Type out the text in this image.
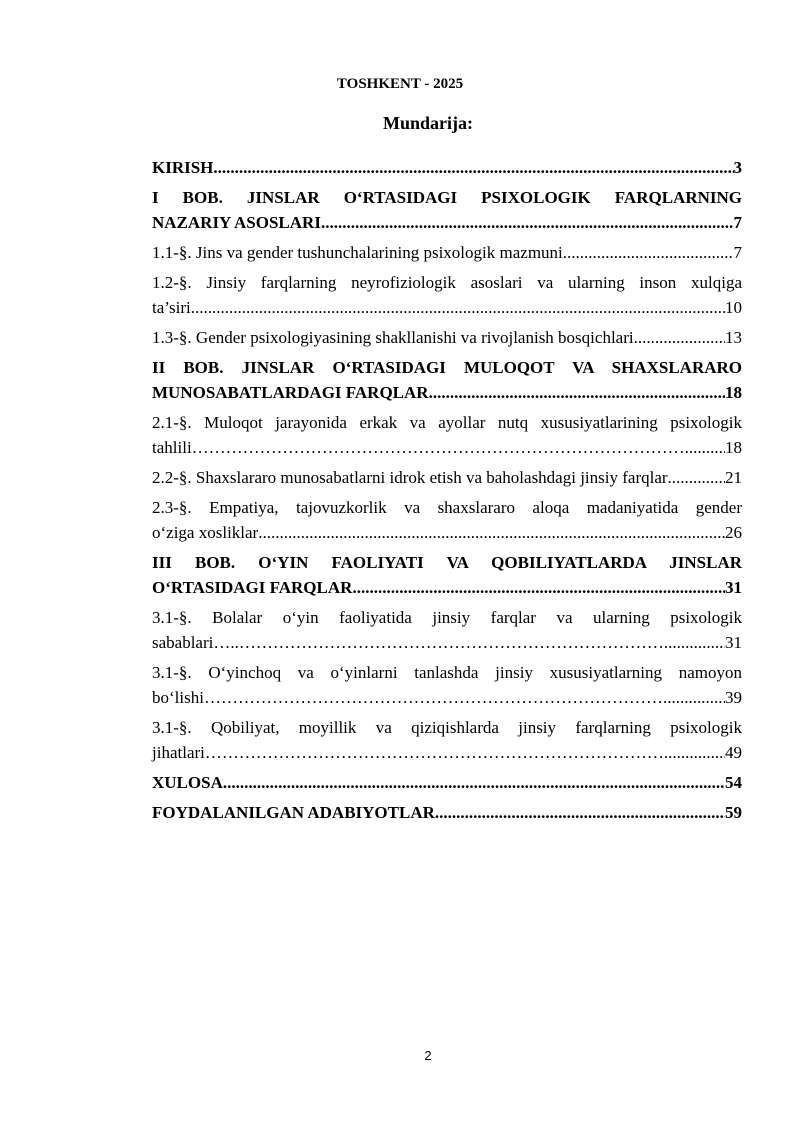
TOSHKENT - 2025
Mundarija:
KIRISH .....	3
I BOB. JINSLAR O‘RTASIDAGI PSIXOLOGIK FARQLARNING
NAZARIY ASOSLARI .....	7
1.1-§. Jins va gender tushunchalarining psixologik mazmuni .....	7
1.2-§. Jinsiy farqlarning neyrofiziologik asoslari va ularning inson xulqiga
ta’siri .....	10
1.3-§. Gender psixologiyasining shakllanishi va rivojlanish bosqichlari .....	13
II BOB. JINSLAR O‘RTASIDAGI MULOQOT VA SHAXSLARARO
MUNOSABATLARDAGI FARQLAR .....	18
2.1-§. Muloqot jarayonida erkak va ayollar nutq xususiyatlarining psixologik
tahlili……………………………………………………………………………. ..... 18
2.2-§. Shaxslararo munosabatlarni idrok etish va baholashdagi jinsiy farqlar .....	21
2.3-§. Empatiya, tajovuzkorlik va shaxslararo aloqa madaniyatida gender
o‘ziga xosliklar .....	26
III BOB. O‘YIN FAOLIYATI VA QOBILIYATLARDA JINSLAR
O‘RTASIDAGI FARQLAR .....	31
3.1-§. Bolalar o‘yin faoliyatida jinsiy farqlar va ularning psixologik
sabablari…..…………………………………………………………………... .....	31
3.1-§. O‘yinchoq va o‘yinlarni tanlashda jinsiy xususiyatlarning namoyon
bo‘lishi………………………………………………………………………... .....	39
3.1-§. Qobiliyat, moyillik va qiziqishlarda jinsiy farqlarning psixologik
jihatlari………………………………………………………………………... .....	49
XULOSA .....	54
FOYDALANILGAN ADABIYOTLAR .....	59
2
